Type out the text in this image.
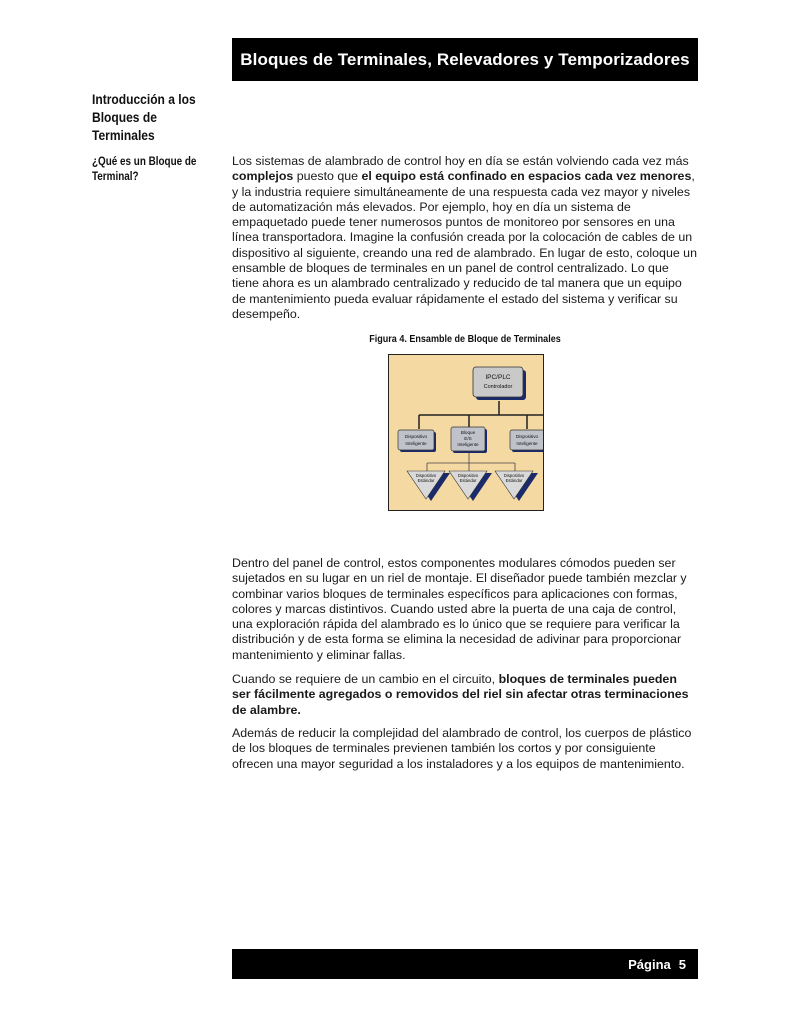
Bloques de Terminales, Relevadores y Temporizadores
Introducción a los Bloques de Terminales
¿Qué es un Bloque de Terminal?
Los sistemas de alambrado de control hoy en día se están volviendo cada vez más complejos puesto que el equipo está confinado en espacios cada vez menores, y la industria requiere simultáneamente de una respuesta cada vez mayor y niveles de automatización más elevados. Por ejemplo, hoy en día un sistema de empaquetado puede tener numerosos puntos de monitoreo por sensores en una línea transportadora. Imagine la confusión creada por la colocación de cables de un dispositivo al siguiente, creando una red de alambrado. En lugar de esto, coloque un ensamble de bloques de terminales en un panel de control centralizado. Lo que tiene ahora es un alambrado centralizado y reducido de tal manera que un equipo de mantenimiento pueda evaluar rápidamente el estado del sistema y verificar su desempeño.
Figura 4. Ensamble de Bloque de Terminales
IPC/PLC
Controlador
Dispositivo
Inteligente
Bloque
E/S
Inteligente
Dispositivo
Inteligente
Dispositivo
Estándar
Dispositivo
Estándar
Dispositivo
Estándar
Dentro del panel de control, estos componentes modulares cómodos pueden ser sujetados en su lugar en un riel de montaje. El diseñador puede también mezclar y combinar varios bloques de terminales específicos para aplicaciones con formas, colores y marcas distintivos. Cuando usted abre la puerta de una caja de control, una exploración rápida del alambrado es lo único que se requiere para verificar la distribución y de esta forma se elimina la necesidad de adivinar para proporcionar mantenimiento y eliminar fallas.
Cuando se requiere de un cambio en el circuito, bloques de terminales pueden ser fácilmente agregados o removidos del riel sin afectar otras terminaciones de alambre.
Además de reducir la complejidad del alambrado de control, los cuerpos de plástico de los bloques de terminales previenen también los cortos y por consiguiente ofrecen una mayor seguridad a los instaladores y a los equipos de mantenimiento.
Página 5
